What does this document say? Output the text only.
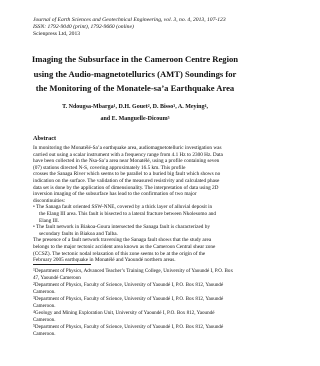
Journal of Earth Sciences and Geotechnical Engineering, vol. 3, no. 4, 2013, 107-123
ISSN: 1792-9040 (print), 1792-9660 (online)
Scienpress Ltd, 2013
Imaging the Subsurface in the Cameroon Centre Region
using the Audio-magnetotellurics (AMT) Soundings for
the Monitoring of the Monatele-sa’a Earthquake Area
T. Ndougsa-Mbarga$^1$, D.H. Gouet$^2$, D. Bisso$^3$, A. Meying$^4$,
and E. Manguelle-Dicoum$^5$
Abstract
In monitoring the Monatélé-Sa’a earthquake area, audiomagnetotelluric investigation was
carried out using a scalar instrument with a frequency range from 4.1 Hz to 2300 Hz. Data
have been collected in the Nsa-Sa’a area near Monatélé, using a profile containing seven
(07) stations directed N-S, covering approximately 16.5 km. This profile
crosses the Sanaga River which seems to be parallel to a buried big fault which shows no
indication on the surface. The validation of the measured resistivity and calculated phase
data set is done by the application of dimensionality. The interpretation of data using 2D
inversion imaging of the subsurface has lead to the confirmation of two major
discontinuities:
• The Sanaga fault oriented SSW-NNE, covered by a thick layer of alluvial deposit in
the Elang III area. This fault is bisected to a lateral fracture between Nkolesomo and
Elang III.
• The fault network in Biakoa-Goura intersected the Sanaga fault is characterized by
secondary faults in Biakoa and Talba.
The presence of a fault network traversing the Sanaga fault shows that the study area
belongs to the major tectonic accident area known as the Cameroon Central shear zone
(CCSZ). The tectonic nodal relaxation of this zone seems to be at the origin of the
February 2005 earthquake in Monatélé and Yaoundé northern areas.
$^1$Department of Physics, Advanced Teacher’s Training College, University of Yaoundé I, P.O. Box
47, Yaoundé Cameroon
$^2$Department of Physics, Faculty of Science, University of Yaoundé I, P.O. Box 812, Yaoundé
Cameroon.
$^3$Department of Physics, Faculty of Science, University of Yaoundé I, P.O. Box 812, Yaoundé
Cameroon.
$^4$Geology and Mining Exploration Unit, University of Yaoundé I, P.O. Box 812, Yaoundé
Cameroon.
$^5$Department of Physics, Faculty of Science, University of Yaoundé I, P.O. Box 812, Yaoundé
Cameroon.
